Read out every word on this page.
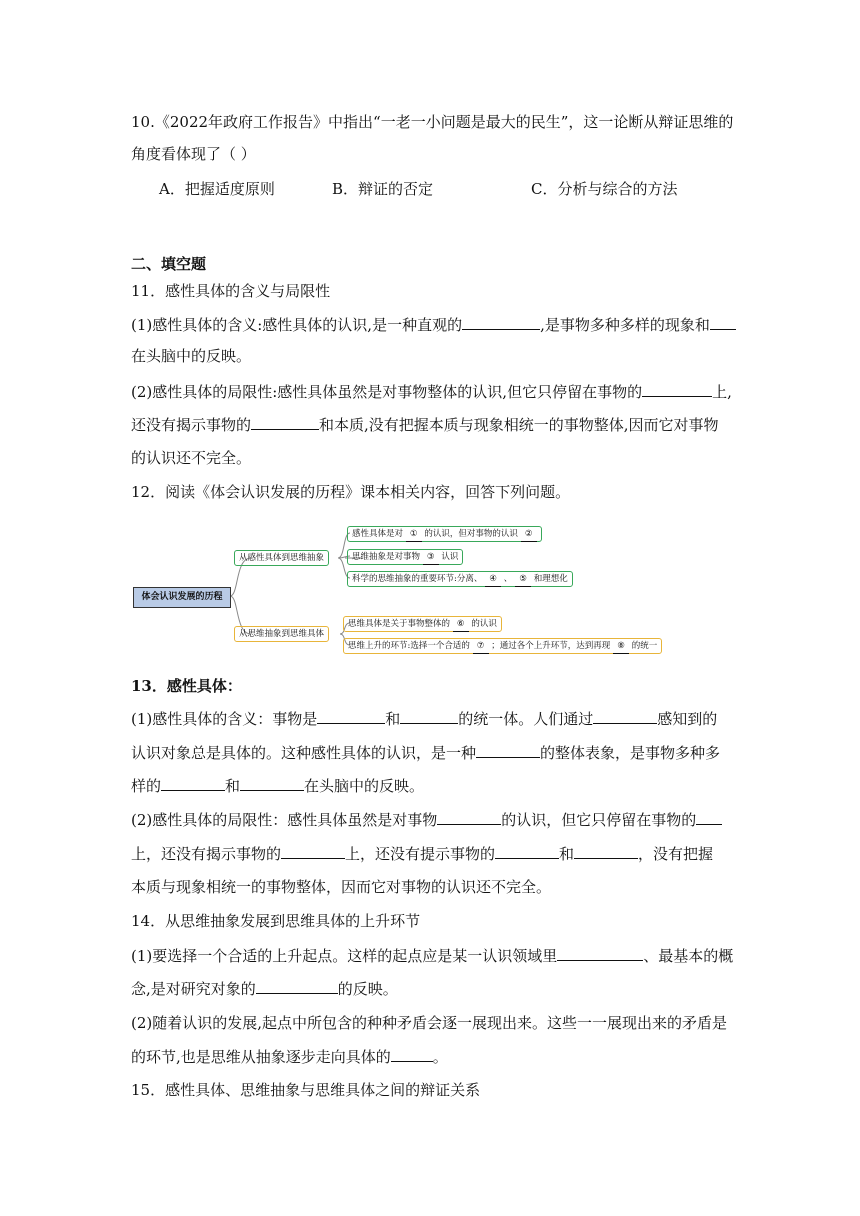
10.《2022年政府工作报告》中指出“一老一小问题是最大的民生”，这一论断从辩证思维的
角度看体现了（ ）
A．把握适度原则	B．辩证的否定	C．分析与综合的方法
二、填空题
11．感性具体的含义与局限性
(1)感性具体的含义:感性具体的认识,是一种直观的	,是事物多种多样的现象和
在头脑中的反映。
(2)感性具体的局限性:感性具体虽然是对事物整体的认识,但它只停留在事物的	上,
还没有揭示事物的	和本质,没有把握本质与现象相统一的事物整体,因而它对事物
的认识还不完全。
12．阅读《体会认识发展的历程》课本相关内容，回答下列问题。
体会认识发展的历程
从感性具体到思维抽象
从思维抽象到思维具体
感性具体是对 ① 的认识，但对事物的认识 ②
思维抽象是对事物 ③ 认识
科学的思维抽象的重要环节:分离、 ④ 、 ⑤ 和理想化
思维具体是关于事物整体的 ⑥ 的认识
思维上升的环节:选择一个合适的 ⑦ ；通过各个上升环节，达到再现 ⑧ 的统一
13．感性具体：
(1)感性具体的含义：事物是	和	的统一体。人们通过	感知到的
认识对象总是具体的。这种感性具体的认识，是一种	的整体表象，是事物多种多
样的	和	在头脑中的反映。
(2)感性具体的局限性：感性具体虽然是对事物	的认识，但它只停留在事物的
上，还没有揭示事物的	上，还没有提示事物的	和	，没有把握
本质与现象相统一的事物整体，因而它对事物的认识还不完全。
14．从思维抽象发展到思维具体的上升环节
(1)要选择一个合适的上升起点。这样的起点应是某一认识领域里	、最基本的概
念,是对研究对象的	的反映。
(2)随着认识的发展,起点中所包含的种种矛盾会逐一展现出来。这些一一展现出来的矛盾是
的环节,也是思维从抽象逐步走向具体的	。
15．感性具体、思维抽象与思维具体之间的辩证关系
